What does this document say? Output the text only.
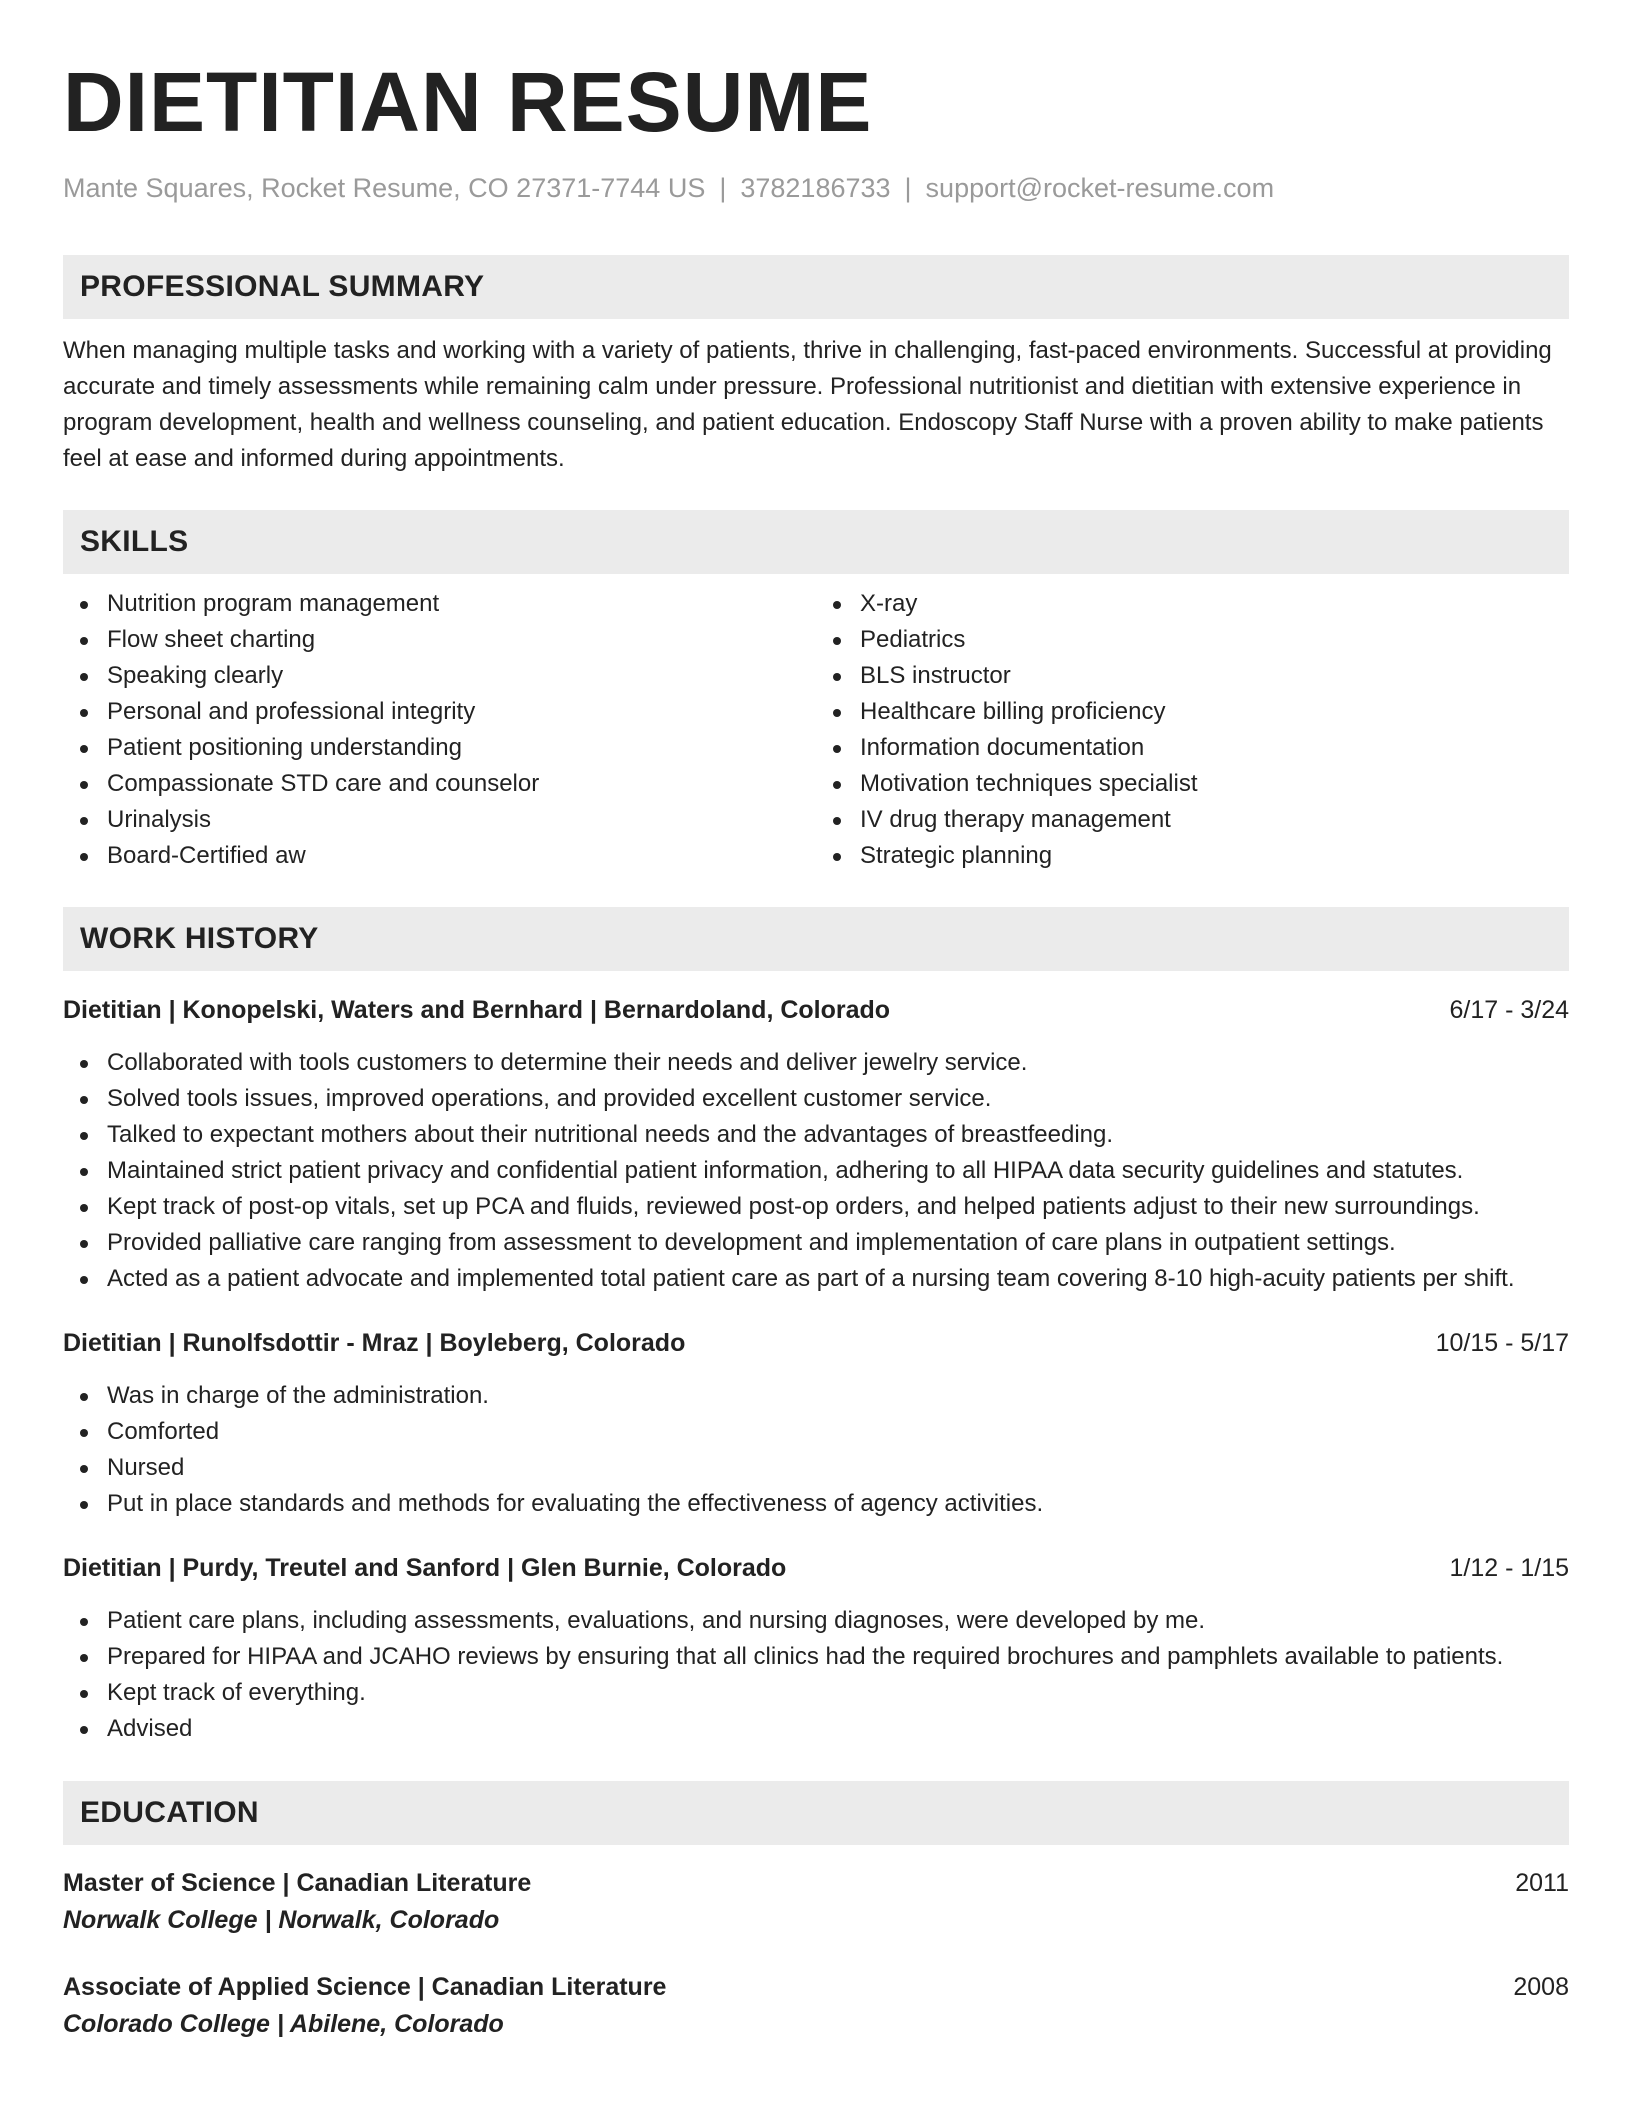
DIETITIAN RESUME
Mante Squares, Rocket Resume, CO 27371-7744 US | 3782186733 | support@rocket-resume.com
PROFESSIONAL SUMMARY

When managing multiple tasks and working with a variety of patients, thrive in challenging, fast-paced environments. Successful at providing accurate and timely assessments while remaining calm under pressure. Professional nutritionist and dietitian with extensive experience in program development, health and wellness counseling, and patient education. Endoscopy Staff Nurse with a proven ability to make patients feel at ease and informed during appointments.

SKILLS
Nutrition program management
Flow sheet charting
Speaking clearly
Personal and professional integrity
Patient positioning understanding
Compassionate STD care and counselor
Urinalysis
Board-Certified aw
X-ray
Pediatrics
BLS instructor
Healthcare billing proficiency
Information documentation
Motivation techniques specialist
IV drug therapy management
Strategic planning
WORK HISTORY
Dietitian | Konopelski, Waters and Bernhard | Bernardoland, Colorado	6/17 - 3/24
Collaborated with tools customers to determine their needs and deliver jewelry service.
Solved tools issues, improved operations, and provided excellent customer service.
Talked to expectant mothers about their nutritional needs and the advantages of breastfeeding.
Maintained strict patient privacy and confidential patient information, adhering to all HIPAA data security guidelines and statutes.
Kept track of post-op vitals, set up PCA and fluids, reviewed post-op orders, and helped patients adjust to their new surroundings.
Provided palliative care ranging from assessment to development and implementation of care plans in outpatient settings.
Acted as a patient advocate and implemented total patient care as part of a nursing team covering 8-10 high-acuity patients per shift.
Dietitian | Runolfsdottir - Mraz | Boyleberg, Colorado	10/15 - 5/17
Was in charge of the administration.
Comforted
Nursed
Put in place standards and methods for evaluating the effectiveness of agency activities.
Dietitian | Purdy, Treutel and Sanford | Glen Burnie, Colorado	1/12 - 1/15
Patient care plans, including assessments, evaluations, and nursing diagnoses, were developed by me.
Prepared for HIPAA and JCAHO reviews by ensuring that all clinics had the required brochures and pamphlets available to patients.
Kept track of everything.
Advised
EDUCATION
Master of Science | Canadian Literature	2011
Norwalk College | Norwalk, Colorado
Associate of Applied Science | Canadian Literature	2008
Colorado College | Abilene, Colorado
